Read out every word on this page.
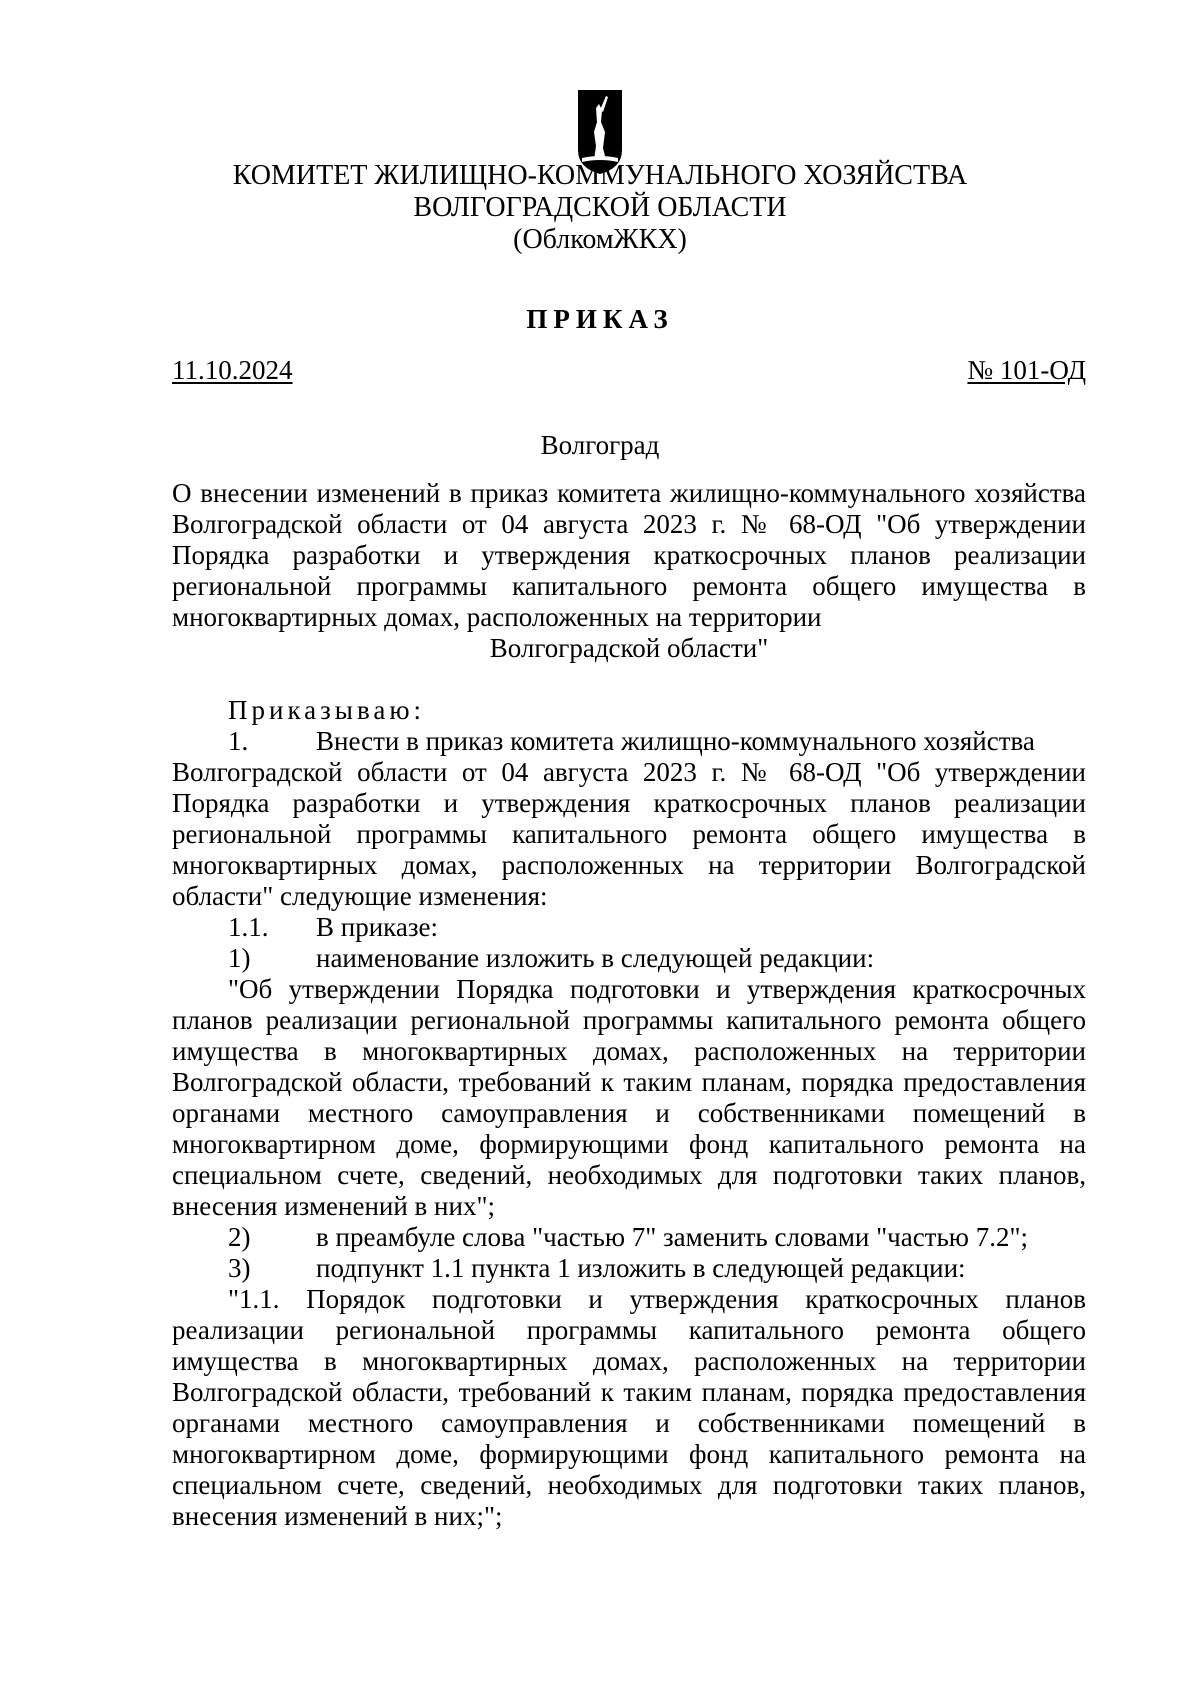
КОМИТЕТ ЖИЛИЩНО-КОММУНАЛЬНОГО ХОЗЯЙСТВА
ВОЛГОГРАДСКОЙ ОБЛАСТИ
(ОблкомЖКХ)
ПРИКАЗ
11.10.2024	№ 101-ОД
Волгоград
О внесении изменений в приказ комитета жилищно-коммунального хозяйства Волгоградской области от 04 августа 2023 г. № 68-ОД "Об утверждении Порядка разработки и утверждения краткосрочных планов реализации региональной программы капитального ремонта общего имущества в многоквартирных домах, расположенных на территории
Волгоградской области"
Приказываю:
1.	Внести в приказ комитета жилищно-коммунального хозяйства
Волгоградской области от 04 августа 2023 г. № 68-ОД "Об утверждении Порядка разработки и утверждения краткосрочных планов реализации региональной программы капитального ремонта общего имущества в многоквартирных домах, расположенных на территории Волгоградской области" следующие изменения:
1.1.	В приказе:
1)	наименование изложить в следующей редакции:
"Об утверждении Порядка подготовки и утверждения краткосрочных планов реализации региональной программы капитального ремонта общего имущества в многоквартирных домах, расположенных на территории Волгоградской области, требований к таким планам, порядка предоставления органами местного самоуправления и собственниками помещений в многоквартирном доме, формирующими фонд капитального ремонта на специальном счете, сведений, необходимых для подготовки таких планов, внесения изменений в них";
2)	в преамбуле слова "частью 7" заменить словами "частью 7.2";
3)	подпункт 1.1 пункта 1 изложить в следующей редакции:
"1.1. Порядок подготовки и утверждения краткосрочных планов реализации региональной программы капитального ремонта общего имущества в многоквартирных домах, расположенных на территории Волгоградской области, требований к таким планам, порядка предоставления органами местного самоуправления и собственниками помещений в многоквартирном доме, формирующими фонд капитального ремонта на специальном счете, сведений, необходимых для подготовки таких планов, внесения изменений в них;";
